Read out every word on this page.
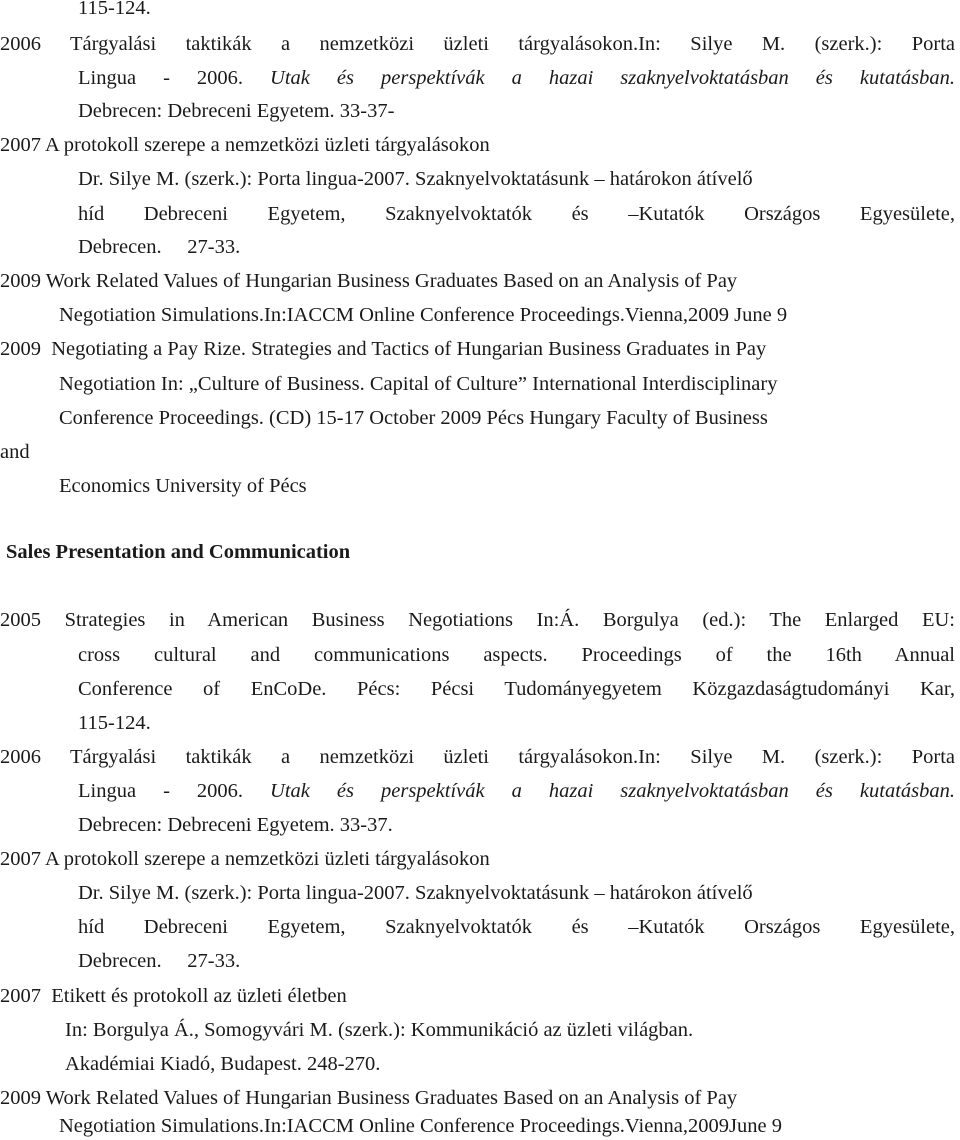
115-124.
2006 Tárgyalási taktikák a nemzetközi üzleti tárgyalásokon.In: Silye M. (szerk.): Porta
Lingua - 2006. Utak és perspektívák a hazai szaknyelvoktatásban és kutatásban.
Debrecen: Debreceni Egyetem. 33-37-
2007 A protokoll szerepe a nemzetközi üzleti tárgyalásokon
Dr. Silye M. (szerk.): Porta lingua-2007. Szaknyelvoktatásunk – határokon átívelő
híd Debreceni Egyetem, Szaknyelvoktatók és –Kutatók Országos Egyesülete,
Debrecen.     27-33.
2009 Work Related Values of Hungarian Business Graduates Based on an Analysis of Pay
Negotiation Simulations.In:IACCM Online Conference Proceedings.Vienna,2009 June 9
2009  Negotiating a Pay Rize. Strategies and Tactics of Hungarian Business Graduates in Pay
Negotiation In: „Culture of Business. Capital of Culture” International Interdisciplinary
Conference Proceedings. (CD) 15-17 October 2009 Pécs Hungary Faculty of Business
and
Economics University of Pécs
Sales Presentation and Communication
2005 Strategies in American Business Negotiations In:Á. Borgulya (ed.): The Enlarged EU:
cross cultural and communications aspects. Proceedings of the 16th Annual
Conference of EnCoDe. Pécs: Pécsi Tudományegyetem Közgazdaságtudományi Kar,
115-124.
2006 Tárgyalási taktikák a nemzetközi üzleti tárgyalásokon.In: Silye M. (szerk.): Porta
Lingua - 2006. Utak és perspektívák a hazai szaknyelvoktatásban és kutatásban.
Debrecen: Debreceni Egyetem. 33-37.
2007 A protokoll szerepe a nemzetközi üzleti tárgyalásokon
Dr. Silye M. (szerk.): Porta lingua-2007. Szaknyelvoktatásunk – határokon átívelő
híd Debreceni Egyetem, Szaknyelvoktatók és –Kutatók Országos Egyesülete,
Debrecen.     27-33.
2007  Etikett és protokoll az üzleti életben
In: Borgulya Á., Somogyvári M. (szerk.): Kommunikáció az üzleti világban.
Akadémiai Kiadó, Budapest. 248-270.
2009 Work Related Values of Hungarian Business Graduates Based on an Analysis of Pay
Negotiation Simulations.In:IACCM Online Conference Proceedings.Vienna,2009June 9
